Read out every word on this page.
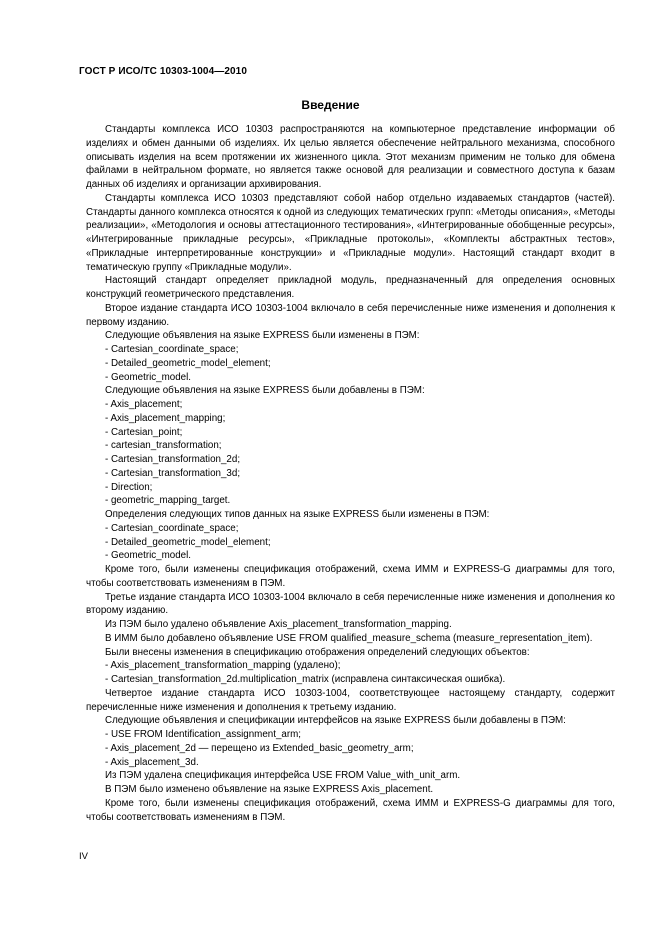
ГОСТ Р ИСО/ТС 10303-1004—2010
Введение

Стандарты комплекса ИСО 10303 распространяются на компьютерное представление информации об изделиях и обмен данными об изделиях. Их целью является обеспечение нейтрального механизма, способного описывать изделия на всем протяжении их жизненного цикла. Этот механизм применим не только для обмена файлами в нейтральном формате, но является также основой для реализации и совместного доступа к базам данных об изделиях и организации архивирования.

Стандарты комплекса ИСО 10303 представляют собой набор отдельно издаваемых стандартов (частей). Стандарты данного комплекса относятся к одной из следующих тематических групп: «Методы описания», «Методы реализации», «Методология и основы аттестационного тестирования», «Интегрированные обобщенные ресурсы», «Интегрированные прикладные ресурсы», «Прикладные протоколы», «Комплекты абстрактных тестов», «Прикладные интерпретированные конструкции» и «Прикладные модули». Настоящий стандарт входит в тематическую группу «Прикладные модули».

Настоящий стандарт определяет прикладной модуль, предназначенный для определения основных конструкций геометрического представления.

Второе издание стандарта ИСО 10303-1004 включало в себя перечисленные ниже изменения и дополнения к первому изданию.

Следующие объявления на языке EXPRESS были изменены в ПЭМ:

- Cartesian_coordinate_space;

- Detailed_geometric_model_element;

- Geometric_model.

Следующие объявления на языке EXPRESS были добавлены в ПЭМ:

- Axis_placement;

- Axis_placement_mapping;

- Cartesian_point;

- cartesian_transformation;

- Cartesian_transformation_2d;

- Cartesian_transformation_3d;

- Direction;

- geometric_mapping_target.

Определения следующих типов данных на языке EXPRESS были изменены в ПЭМ:

- Cartesian_coordinate_space;

- Detailed_geometric_model_element;

- Geometric_model.

Кроме того, были изменены спецификация отображений, схема ИММ и EXPRESS-G диаграммы для того, чтобы соответствовать изменениям в ПЭМ.

Третье издание стандарта ИСО 10303-1004 включало в себя перечисленные ниже изменения и дополнения ко второму изданию.

Из ПЭМ было удалено объявление Axis_placement_transformation_mapping.

В ИММ было добавлено объявление USE FROM qualified_measure_schema (measure_representation_item).

Были внесены изменения в спецификацию отображения определений следующих объектов:

- Axis_placement_transformation_mapping (удалено);

- Cartesian_transformation_2d.multiplication_matrix (исправлена синтаксическая ошибка).

Четвертое издание стандарта ИСО 10303-1004, соответствующее настоящему стандарту, содержит перечисленные ниже изменения и дополнения к третьему изданию.

Следующие объявления и спецификации интерфейсов на языке EXPRESS были добавлены в ПЭМ:

- USE FROM Identification_assignment_arm;

- Axis_placement_2d — перещено из Extended_basic_geometry_arm;

- Axis_placement_3d.

Из ПЭМ удалена спецификация интерфейса USE FROM Value_with_unit_arm.

В ПЭМ было изменено объявление на языке EXPRESS Axis_placement.

Кроме того, были изменены спецификация отображений, схема ИММ и EXPRESS-G диаграммы для того, чтобы соответствовать изменениям в ПЭМ.

IV
